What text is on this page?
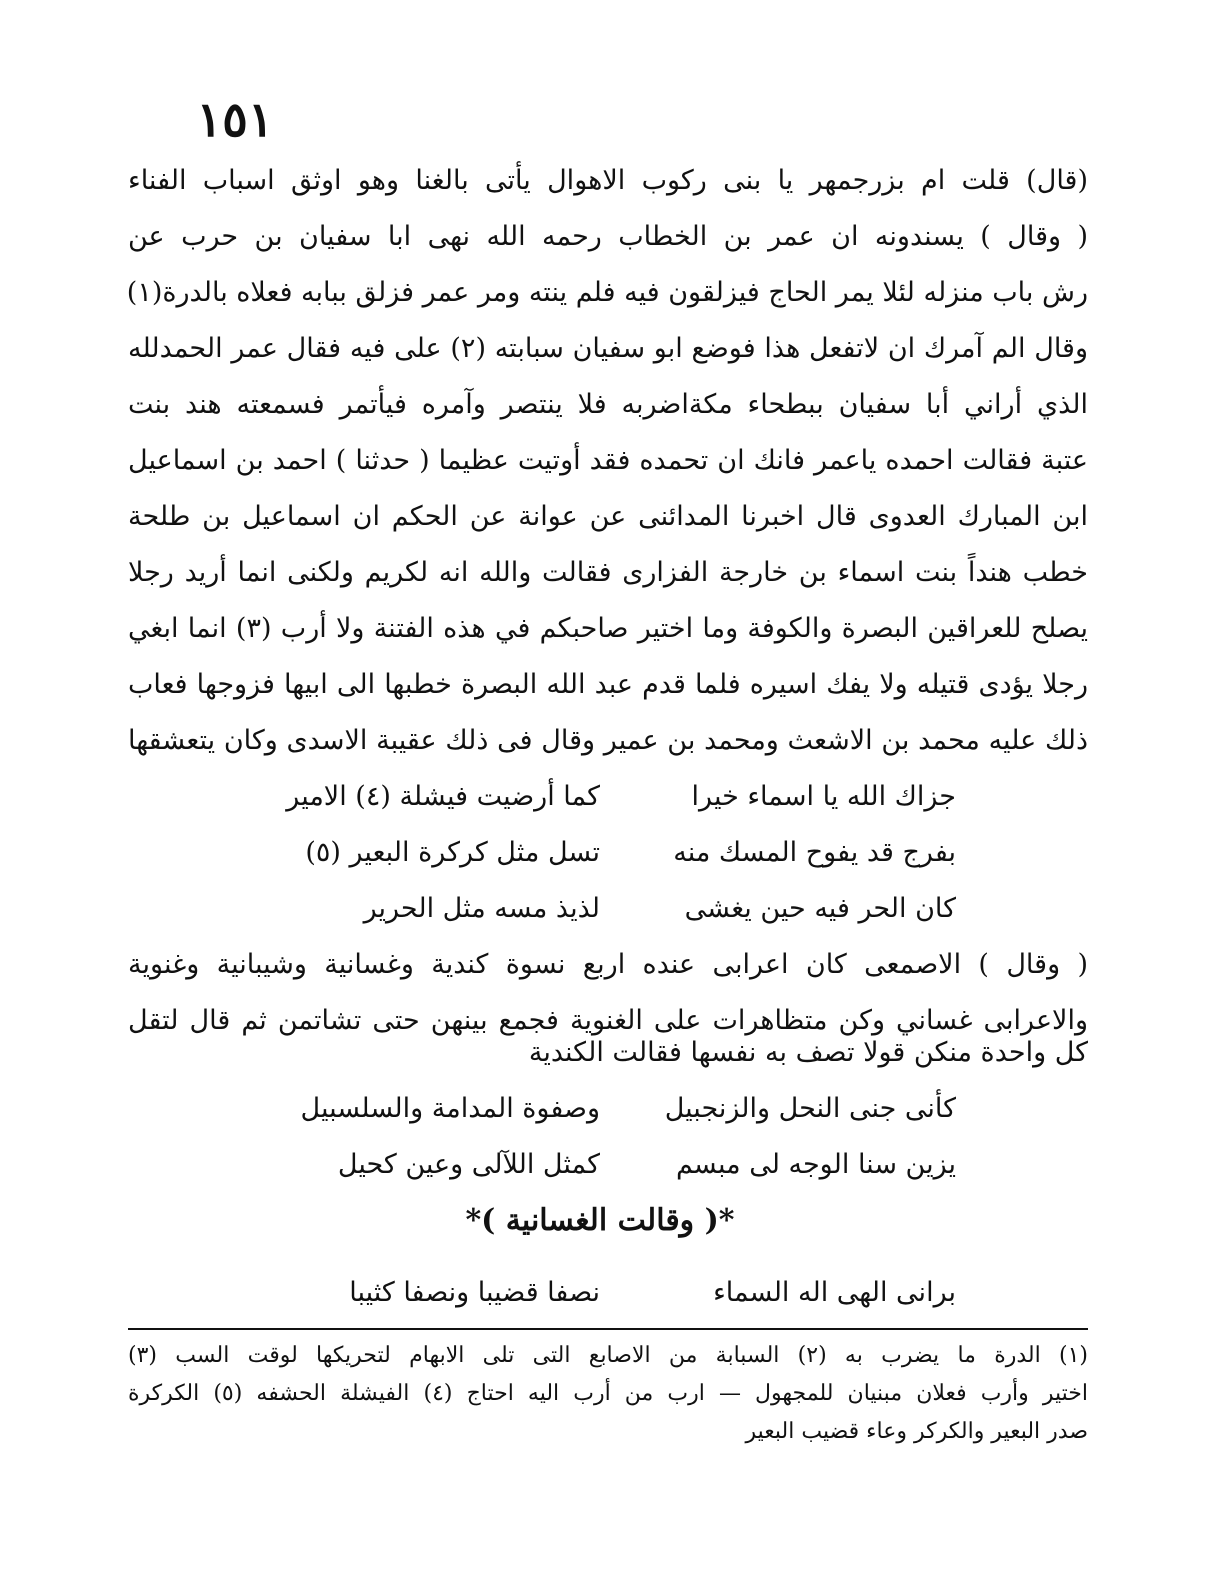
١٥١
(قال) قلت ام بزرجمهر يا بنى ركوب الاهوال يأتى بالغنا وهو اوثق اسباب الفناء
( وقال ) يسندونه ان عمر بن الخطاب رحمه الله نهى ابا سفيان بن حرب عن
رش باب منزله لئلا يمر الحاج فيزلقون فيه فلم ينته ومر عمر فزلق ببابه فعلاه بالدرة(١)
وقال الم آمرك ان لاتفعل هذا فوضع ابو سفيان سبابته (٢) على فيه فقال عمر الحمدلله
الذي أراني أبا سفيان ببطحاء مكةاضربه فلا ينتصر وآمره فيأتمر فسمعته هند بنت
عتبة فقالت احمده ياعمر فانك ان تحمده فقد أوتيت عظيما ( حدثنا ) احمد بن اسماعيل
ابن المبارك العدوى قال اخبرنا المدائنى عن عوانة عن الحكم ان اسماعيل بن طلحة
خطب هنداً بنت اسماء بن خارجة الفزارى فقالت والله انه لكريم ولكنى انما أريد رجلا
يصلح للعراقين البصرة والكوفة وما اختير صاحبكم في هذه الفتنة ولا أرب (٣) انما ابغي
رجلا يؤدى قتيله ولا يفك اسيره فلما قدم عبد الله البصرة خطبها الى ابيها فزوجها فعاب
ذلك عليه محمد بن الاشعث ومحمد بن عمير وقال فى ذلك عقيبة الاسدى وكان يتعشقها
جزاك الله يا اسماء خيرا
كما أرضيت فيشلة (٤) الامير
بفرج قد يفوح المسك منه
تسل مثل كركرة البعير (٥)
كان الحر فيه حين يغشى
لذيذ مسه مثل الحرير
( وقال ) الاصمعى كان اعرابى عنده اربع نسوة كندية وغسانية وشيبانية وغنوية
والاعرابى غساني وكن متظاهرات على الغنوية فجمع بينهن حتى تشاتمن ثم قال لتقل
كل واحدة منكن قولا تصف به نفسها فقالت الكندية
كأنى جنى النحل والزنجبيل
وصفوة المدامة والسلسبيل
يزين سنا الوجه لى مبسم
كمثل اللآلى وعين كحيل
*( وقالت الغسانية )*
برانى الهى اله السماء
نصفا قضيبا ونصفا كثيبا
(١) الدرة ما يضرب به (٢) السبابة من الاصابع التى تلى الابهام لتحريكها لوقت السب (٣)
اختير وأرب فعلان مبنيان للمجهول — ارب من أرب اليه احتاج (٤) الفيشلة الحشفه (٥) الكركرة
صدر البعير والكركر وعاء قضيب البعير
